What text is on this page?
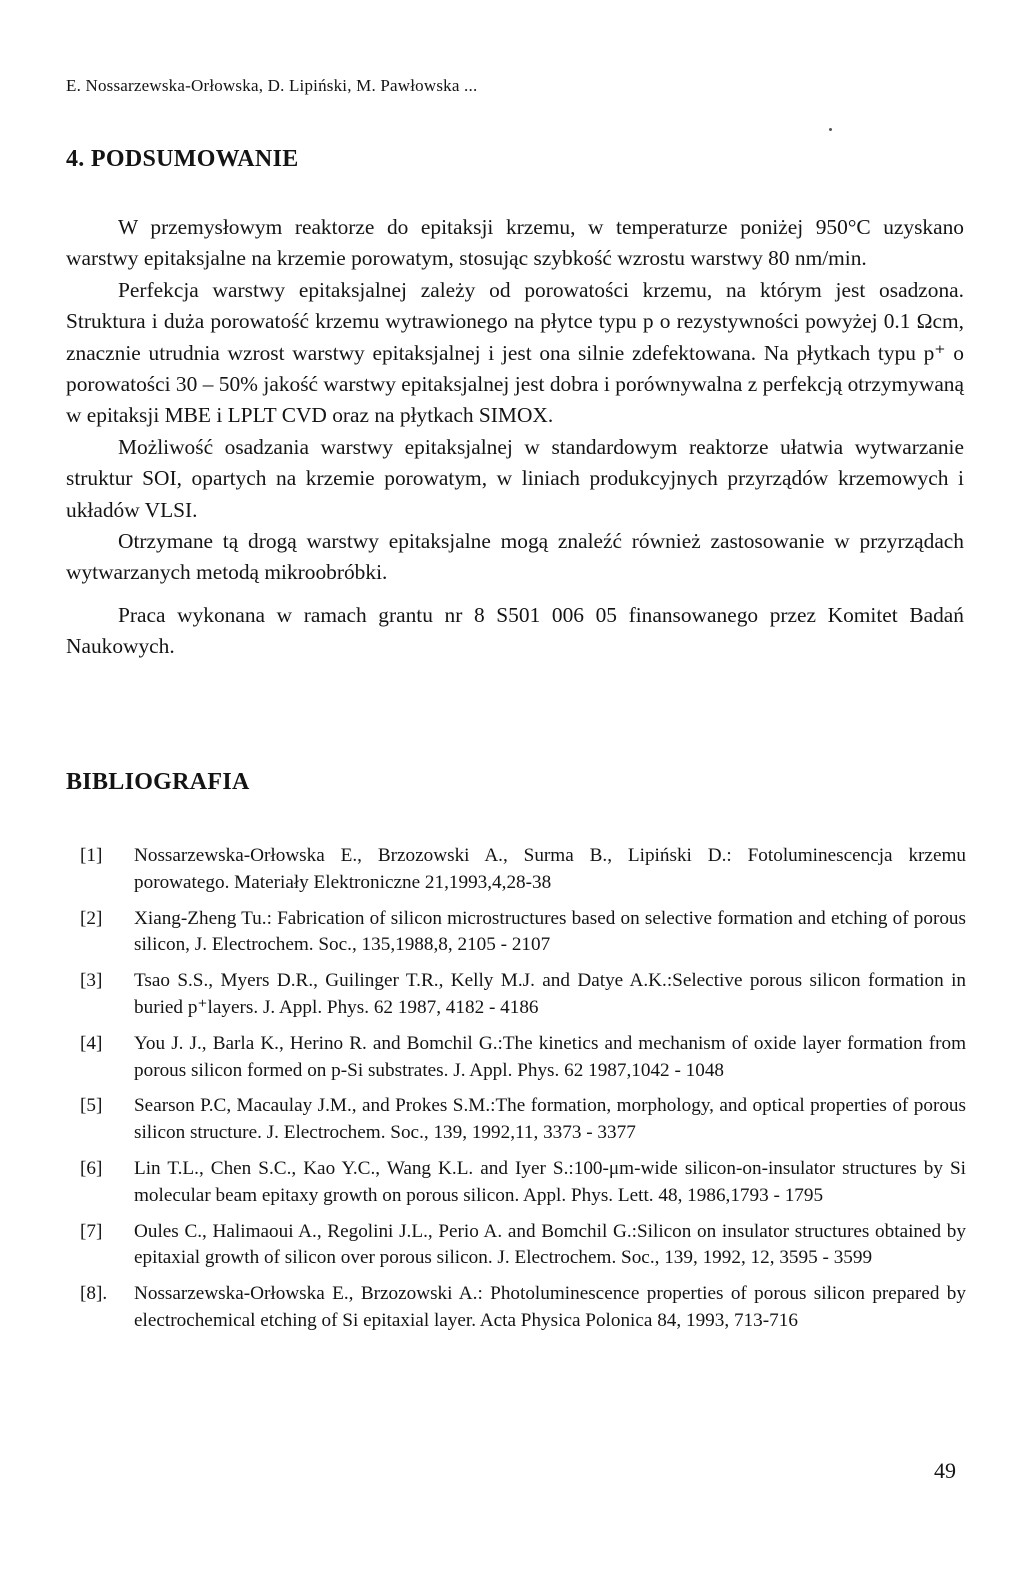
E. Nossarzewska-Orłowska, D. Lipiński, M. Pawłowska ...
4. PODSUMOWANIE

W przemysłowym reaktorze do epitaksji krzemu, w temperaturze poniżej 950°C uzyskano warstwy epitaksjalne na krzemie porowatym, stosując szybkość wzrostu warstwy 80 nm/min.

Perfekcja warstwy epitaksjalnej zależy od porowatości krzemu, na którym jest osadzona. Struktura i duża porowatość krzemu wytrawionego na płytce typu p o rezystywności powyżej 0.1 Ωcm, znacznie utrudnia wzrost warstwy epitaksjalnej i jest ona silnie zdefektowana. Na płytkach typu p⁺ o porowatości 30 – 50% jakość warstwy epitaksjalnej jest dobra i porównywalna z perfekcją otrzymywaną w epitaksji MBE i LPLT CVD oraz na płytkach SIMOX.

Możliwość osadzania warstwy epitaksjalnej w standardowym reaktorze ułatwia wytwarzanie struktur SOI, opartych na krzemie porowatym, w liniach produkcyjnych przyrządów krzemowych i układów VLSI.

Otrzymane tą drogą warstwy epitaksjalne mogą znaleźć również zastosowanie w przyrządach wytwarzanych metodą mikroobróbki.

Praca wykonana w ramach grantu nr 8 S501 006 05 finansowanego przez Komitet Badań Naukowych.

BIBLIOGRAFIA
[1]	Nossarzewska-Orłowska E., Brzozowski A., Surma B., Lipiński D.: Fotoluminescencja krzemu porowatego. Materiały Elektroniczne 21,1993,4,28-38
[2]	Xiang-Zheng Tu.: Fabrication of silicon microstructures based on selective formation and etching of porous silicon, J. Electrochem. Soc., 135,1988,8, 2105 - 2107
[3]	Tsao S.S., Myers D.R., Guilinger T.R., Kelly M.J. and Datye A.K.:Selective porous silicon formation in buried p⁺layers. J. Appl. Phys. 62 1987, 4182 - 4186
[4]	You J. J., Barla K., Herino R. and Bomchil G.:The kinetics and mechanism of oxide layer formation from porous silicon formed on p-Si substrates. J. Appl. Phys. 62 1987,1042 - 1048
[5]	Searson P.C, Macaulay J.M., and Prokes S.M.:The formation, morphology, and optical properties of porous silicon structure. J. Electrochem. Soc., 139, 1992,11, 3373 - 3377
[6]	Lin T.L., Chen S.C., Kao Y.C., Wang K.L. and Iyer S.:100-μm-wide silicon-on-insulator structures by Si molecular beam epitaxy growth on porous silicon. Appl. Phys. Lett. 48, 1986,1793 - 1795
[7]	Oules C., Halimaoui A., Regolini J.L., Perio A. and Bomchil G.:Silicon on insulator structures obtained by epitaxial growth of silicon over porous silicon. J. Electrochem. Soc., 139, 1992, 12, 3595 - 3599
[8].	Nossarzewska-Orłowska E., Brzozowski A.: Photoluminescence properties of porous silicon prepared by electrochemical etching of Si epitaxial layer. Acta Physica Polonica 84, 1993, 713-716
49
